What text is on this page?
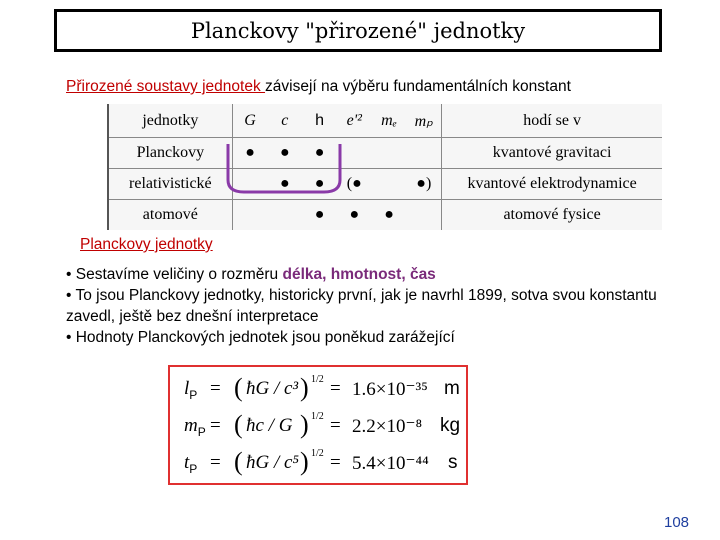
Planckovy "přirozené" jednotky
Přirozené soustavy jednotek závisejí na výběru fundamentálních konstant
jednotky	G	c	h	e'²	mₑ	mₚ	hodí se v
Planckovy	●	●	●				kvantové gravitaci
relativistické		●	●	(●		●)	kvantové elektrodynamice
atomové			●	●	●		atomové fysice
Planckovy jednotky
• Sestavíme veličiny o rozměru délka, hmotnost, čas
• To jsou Planckovy jednotky, historicky první, jak je navrhl 1899, sotva svou konstantu zavedl, ještě bez dnešní interpretace
• Hodnoty Planckových jednotek jsou poněkud zarážející
$l_P$ = ( ħG / c³ ) 1/2 = 1.6×10⁻³⁵ m
$m_P$ = ( ħc / G ) 1/2 = 2.2×10⁻⁸ kg
$t_P$ = ( ħG / c⁵ ) 1/2 = 5.4×10⁻⁴⁴ s
108
